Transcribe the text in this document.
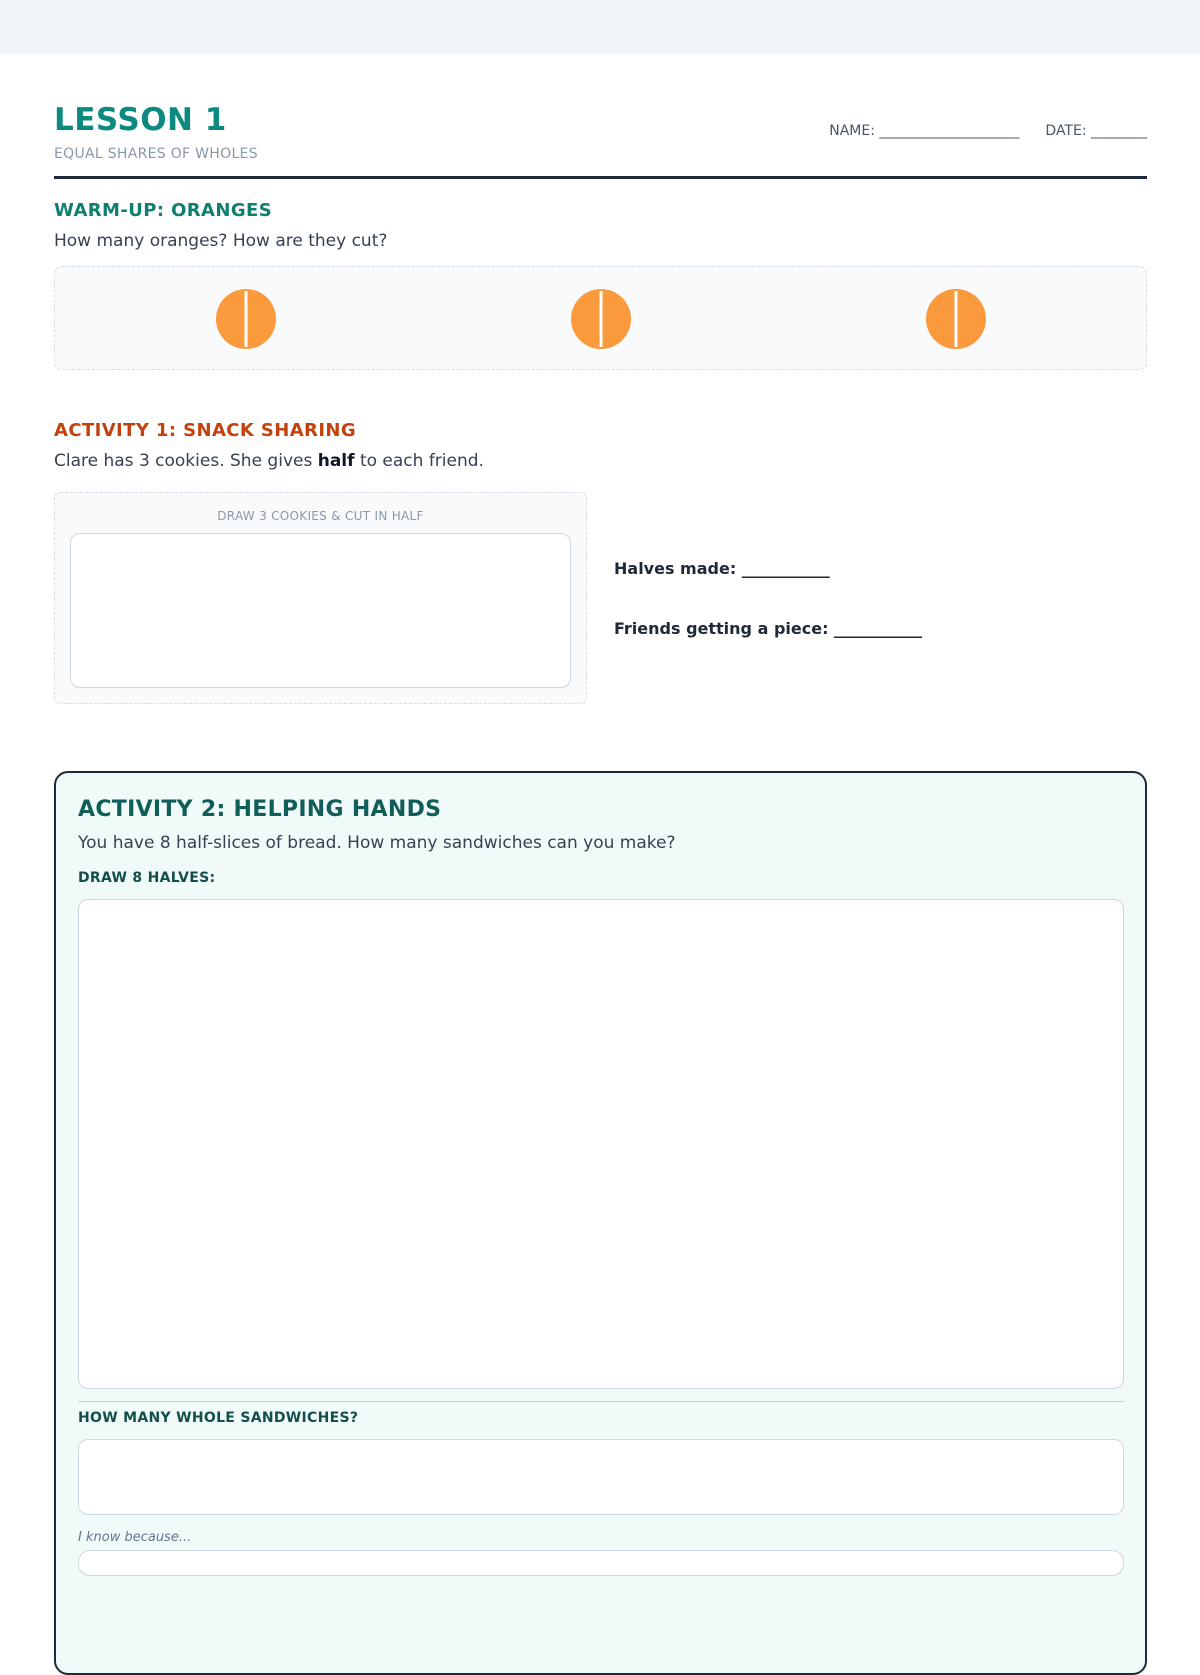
LESSON 1
EQUAL SHARES OF WHOLES
NAME: ____________________ DATE: ________
WARM-UP: ORANGES
How many oranges? How are they cut?
ACTIVITY 1: SNACK SHARING
Clare has 3 cookies. She gives half to each friend.
DRAW 3 COOKIES & CUT IN HALF
Halves made: ___________
Friends getting a piece: ___________
ACTIVITY 2: HELPING HANDS
You have 8 half-slices of bread. How many sandwiches can you make?
DRAW 8 HALVES:
HOW MANY WHOLE SANDWICHES?
I know because...
